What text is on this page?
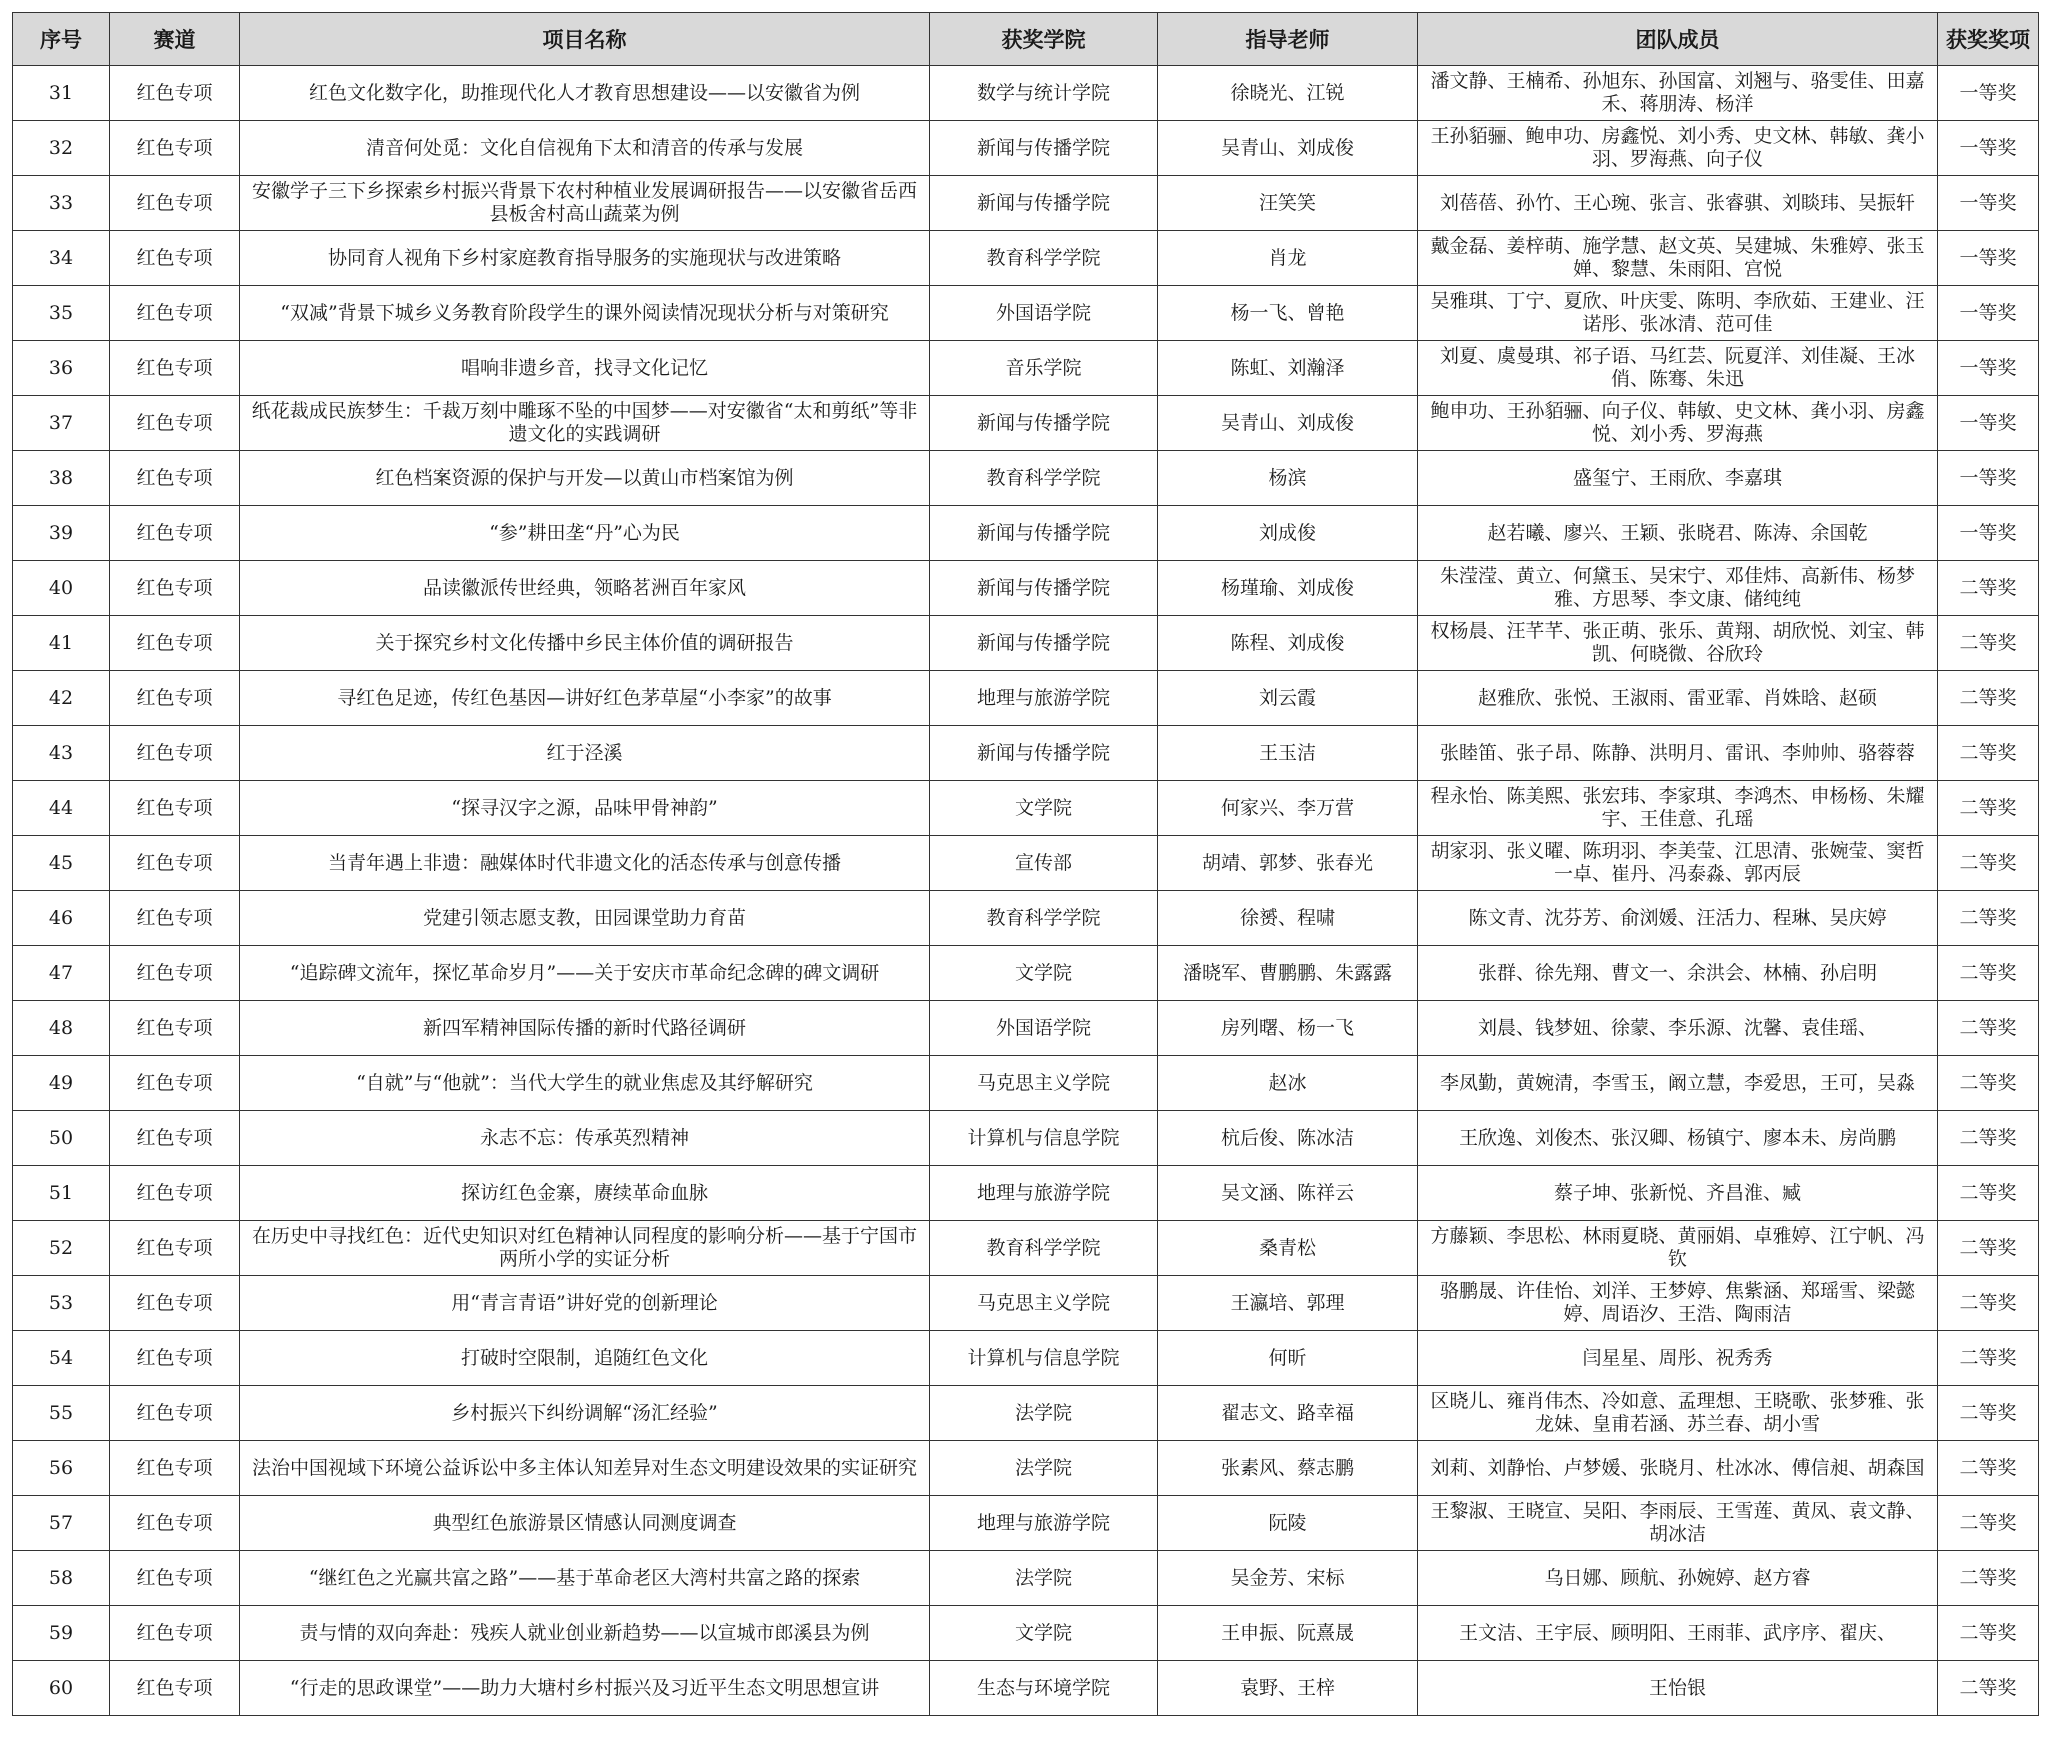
序号	赛道	项目名称	获奖学院	指导老师	团队成员	获奖奖项
31	红色专项	红色文化数字化，助推现代化人才教育思想建设——以安徽省为例	数学与统计学院	徐晓光、江锐	潘文静、王楠希、孙旭东、孙国富、刘翘与、骆雯佳、田嘉禾、蒋朋涛、杨洋	一等奖
32	红色专项	清音何处觅：文化自信视角下太和清音的传承与发展	新闻与传播学院	吴青山、刘成俊	王孙貊骊、鲍申功、房鑫悦、刘小秀、史文林、韩敏、龚小羽、罗海燕、向子仪	一等奖
33	红色专项	安徽学子三下乡探索乡村振兴背景下农村种植业发展调研报告——以安徽省岳西县板舍村高山蔬菜为例	新闻与传播学院	汪笑笑	刘蓓蓓、孙竹、王心琬、张言、张睿骐、刘睒玮、吴振轩	一等奖
34	红色专项	协同育人视角下乡村家庭教育指导服务的实施现状与改进策略	教育科学学院	肖龙	戴金磊、姜梓萌、施学慧、赵文英、吴建城、朱雅婷、张玉婵、黎慧、朱雨阳、宫悦	一等奖
35	红色专项	“双减”背景下城乡义务教育阶段学生的课外阅读情况现状分析与对策研究	外国语学院	杨一飞、曾艳	吴雅琪、丁宁、夏欣、叶庆雯、陈明、李欣茹、王建业、汪诺彤、张冰清、范可佳	一等奖
36	红色专项	唱响非遗乡音，找寻文化记忆	音乐学院	陈虹、刘瀚泽	刘夏、虞曼琪、祁子语、马红芸、阮夏洋、刘佳凝、王冰俏、陈骞、朱迅	一等奖
37	红色专项	纸花裁成民族梦生：千裁万刻中雕琢不坠的中国梦——对安徽省“太和剪纸”等非遗文化的实践调研	新闻与传播学院	吴青山、刘成俊	鲍申功、王孙貊骊、向子仪、韩敏、史文林、龚小羽、房鑫悦、刘小秀、罗海燕	一等奖
38	红色专项	红色档案资源的保护与开发—以黄山市档案馆为例	教育科学学院	杨滨	盛玺宁、王雨欣、李嘉琪	一等奖
39	红色专项	“参”耕田垄“丹”心为民	新闻与传播学院	刘成俊	赵若曦、廖兴、王颖、张晓君、陈涛、余国乾	一等奖
40	红色专项	品读徽派传世经典，领略茗洲百年家风	新闻与传播学院	杨瑾瑜、刘成俊	朱滢滢、黄立、何黛玉、吴宋宁、邓佳炜、高新伟、杨梦雅、方思琴、李文康、储纯纯	二等奖
41	红色专项	关于探究乡村文化传播中乡民主体价值的调研报告	新闻与传播学院	陈程、刘成俊	权杨晨、汪芊芊、张正萌、张乐、黄翔、胡欣悦、刘宝、韩凯、何晓微、谷欣玲	二等奖
42	红色专项	寻红色足迹，传红色基因—讲好红色茅草屋“小李家”的故事	地理与旅游学院	刘云霞	赵雅欣、张悦、王淑雨、雷亚霏、肖姝晗、赵硕	二等奖
43	红色专项	红于泾溪	新闻与传播学院	王玉洁	张睦笛、张子昂、陈静、洪明月、雷讯、李帅帅、骆蓉蓉	二等奖
44	红色专项	“探寻汉字之源，品味甲骨神韵”	文学院	何家兴、李万营	程永怡、陈美熙、张宏玮、李家琪、李鸿杰、申杨杨、朱耀宇、王佳意、孔瑶	二等奖
45	红色专项	当青年遇上非遗：融媒体时代非遗文化的活态传承与创意传播	宣传部	胡靖、郭梦、张春光	胡家羽、张义曜、陈玥羽、李美莹、江思清、张婉莹、窦哲一卓、崔丹、冯泰淼、郭丙辰	二等奖
46	红色专项	党建引领志愿支教，田园课堂助力育苗	教育科学学院	徐赟、程啸	陈文青、沈芬芳、俞浏媛、汪活力、程琳、吴庆婷	二等奖
47	红色专项	“追踪碑文流年，探忆革命岁月”——关于安庆市革命纪念碑的碑文调研	文学院	潘晓军、曹鹏鹏、朱露露	张群、徐先翔、曹文一、余洪会、林楠、孙启明	二等奖
48	红色专项	新四军精神国际传播的新时代路径调研	外国语学院	房列曙、杨一飞	刘晨、钱梦妞、徐蒙、李乐源、沈馨、袁佳瑶、	二等奖
49	红色专项	“自就”与“他就”：当代大学生的就业焦虑及其纾解研究	马克思主义学院	赵冰	李凤勤，黄婉清，李雪玉，阚立慧，李爱思，王可，吴淼	二等奖
50	红色专项	永志不忘：传承英烈精神	计算机与信息学院	杭后俊、陈冰洁	王欣逸、刘俊杰、张汉卿、杨镇宁、廖本未、房尚鹏	二等奖
51	红色专项	探访红色金寨，赓续革命血脉	地理与旅游学院	吴文涵、陈祥云	蔡子坤、张新悦、齐昌淮、臧	二等奖
52	红色专项	在历史中寻找红色：近代史知识对红色精神认同程度的影响分析——基于宁国市两所小学的实证分析	教育科学学院	桑青松	方藤颖、李思松、林雨夏晓、黄丽娟、卓雅婷、江宁帆、冯钦	二等奖
53	红色专项	用“青言青语”讲好党的创新理论	马克思主义学院	王瀛培、郭理	骆鹏晟、许佳怡、刘洋、王梦婷、焦紫涵、郑瑶雪、梁懿婷、周语汐、王浩、陶雨洁	二等奖
54	红色专项	打破时空限制，追随红色文化	计算机与信息学院	何昕	闫星星、周彤、祝秀秀	二等奖
55	红色专项	乡村振兴下纠纷调解“汤汇经验”	法学院	翟志文、路幸福	区晓儿、雍肖伟杰、冷如意、孟理想、王晓歌、张梦雅、张龙妹、皇甫若涵、苏兰春、胡小雪	二等奖
56	红色专项	法治中国视域下环境公益诉讼中多主体认知差异对生态文明建设效果的实证研究	法学院	张素风、蔡志鹏	刘莉、刘静怡、卢梦媛、张晓月、杜冰冰、傅信昶、胡森国	二等奖
57	红色专项	典型红色旅游景区情感认同测度调查	地理与旅游学院	阮陵	王黎淑、王晓宣、吴阳、李雨辰、王雪莲、黄凤、袁文静、胡冰洁	二等奖
58	红色专项	“继红色之光赢共富之路”——基于革命老区大湾村共富之路的探索	法学院	吴金芳、宋标	乌日娜、顾航、孙婉婷、赵方睿	二等奖
59	红色专项	责与情的双向奔赴：残疾人就业创业新趋势——以宣城市郎溪县为例	文学院	王申振、阮熹晟	王文洁、王宇辰、顾明阳、王雨菲、武序序、翟庆、	二等奖
60	红色专项	“行走的思政课堂”——助力大塘村乡村振兴及习近平生态文明思想宣讲	生态与环境学院	袁野、王梓	王怡银	二等奖
